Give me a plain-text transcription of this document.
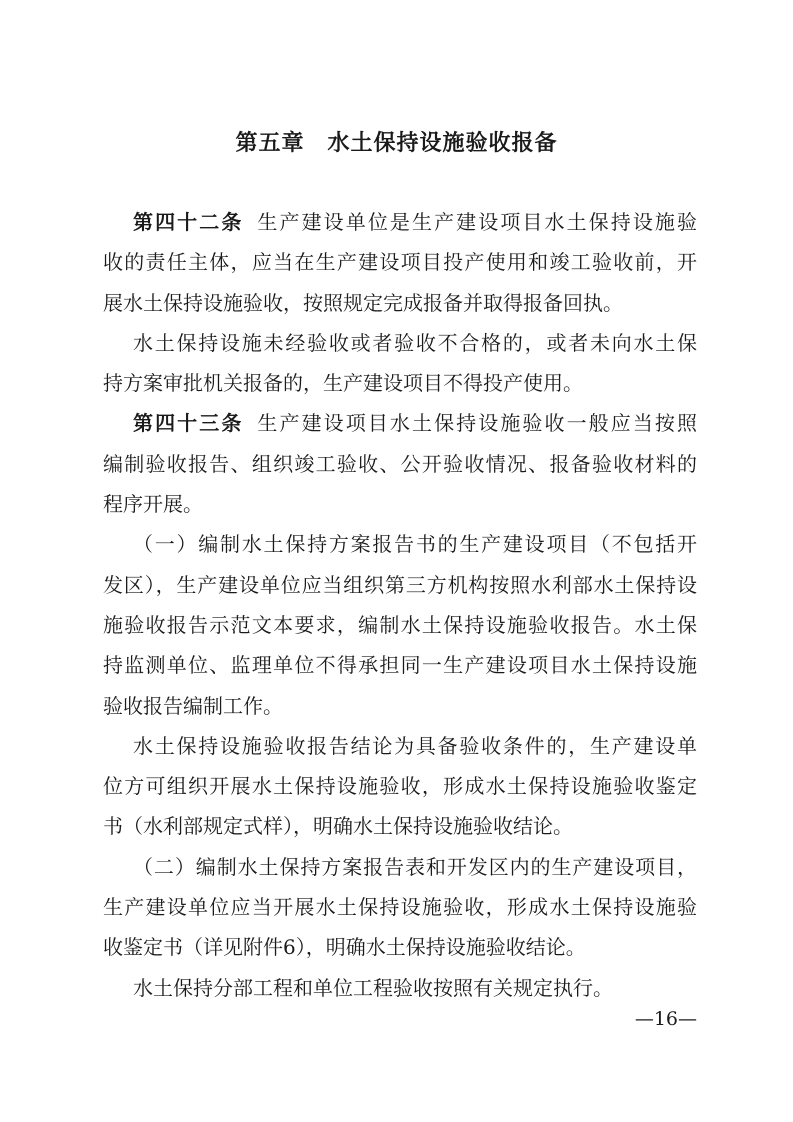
第五章　水土保持设施验收报备
第四十二条 生产建设单位是生产建设项目水土保持设施验
收的责任主体，应当在生产建设项目投产使用和竣工验收前，开
展水土保持设施验收，按照规定完成报备并取得报备回执。
水土保持设施未经验收或者验收不合格的，或者未向水土保
持方案审批机关报备的，生产建设项目不得投产使用。
第四十三条 生产建设项目水土保持设施验收一般应当按照
编制验收报告、组织竣工验收、公开验收情况、报备验收材料的
程序开展。
（一）编制水土保持方案报告书的生产建设项目（不包括开
发区），生产建设单位应当组织第三方机构按照水利部水土保持设
施验收报告示范文本要求，编制水土保持设施验收报告。水土保
持监测单位、监理单位不得承担同一生产建设项目水土保持设施
验收报告编制工作。
水土保持设施验收报告结论为具备验收条件的，生产建设单
位方可组织开展水土保持设施验收，形成水土保持设施验收鉴定
书（水利部规定式样），明确水土保持设施验收结论。
（二）编制水土保持方案报告表和开发区内的生产建设项目，
生产建设单位应当开展水土保持设施验收，形成水土保持设施验
收鉴定书（详见附件6），明确水土保持设施验收结论。
水土保持分部工程和单位工程验收按照有关规定执行。
—16—
